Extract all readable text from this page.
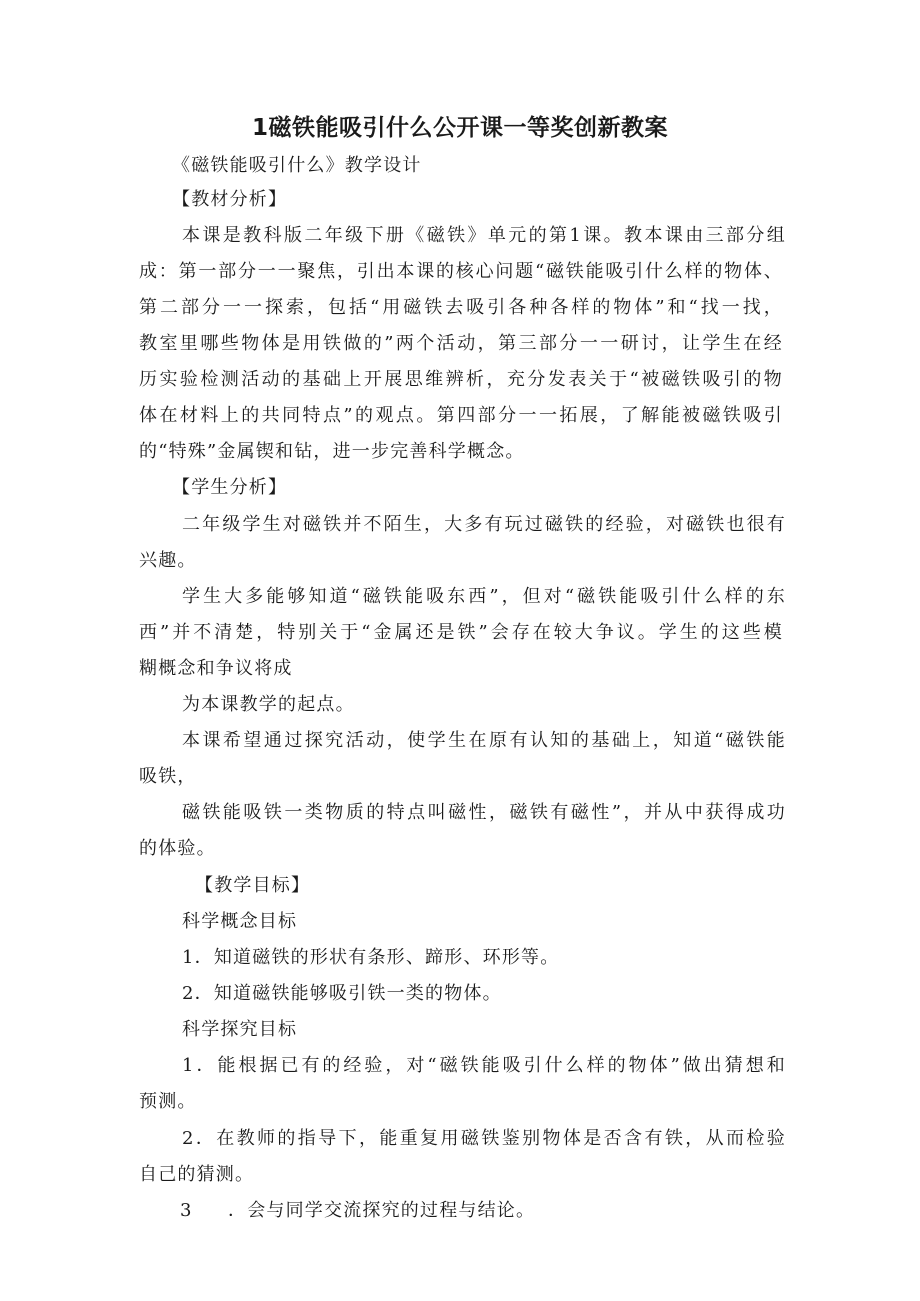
1磁铁能吸引什么公开课一等奖创新教案
《磁铁能吸引什么》教学设计
【教材分析】
本课是教科版二年级下册《磁铁》单元的第1课。教本课由三部分组
成：第一部分一一聚焦，引出本课的核心问题“磁铁能吸引什么样的物体、
第二部分一一探索，包括“用磁铁去吸引各种各样的物体”和“找一找，
教室里哪些物体是用铁做的”两个活动，第三部分一一研讨，让学生在经
历实验检测活动的基础上开展思维辨析，充分发表关于“被磁铁吸引的物
体在材料上的共同特点”的观点。第四部分一一拓展，了解能被磁铁吸引
的“特殊”金属锲和钻，进一步完善科学概念。
【学生分析】
二年级学生对磁铁并不陌生，大多有玩过磁铁的经验，对磁铁也很有
兴趣。
学生大多能够知道“磁铁能吸东西”，但对“磁铁能吸引什么样的东
西”并不清楚，特别关于“金属还是铁”会存在较大争议。学生的这些模
糊概念和争议将成
为本课教学的起点。
本课希望通过探究活动，使学生在原有认知的基础上，知道“磁铁能
吸铁，
磁铁能吸铁一类物质的特点叫磁性，磁铁有磁性”，并从中获得成功
的体验。
【教学目标】
科学概念目标
1．知道磁铁的形状有条形、蹄形、环形等。
2．知道磁铁能够吸引铁一类的物体。
科学探究目标
1．能根据已有的经验，对“磁铁能吸引什么样的物体”做出猜想和
预测。
2．在教师的指导下，能重复用磁铁鉴别物体是否含有铁，从而检验
自己的猜测。
3 ．会与同学交流探究的过程与结论。
